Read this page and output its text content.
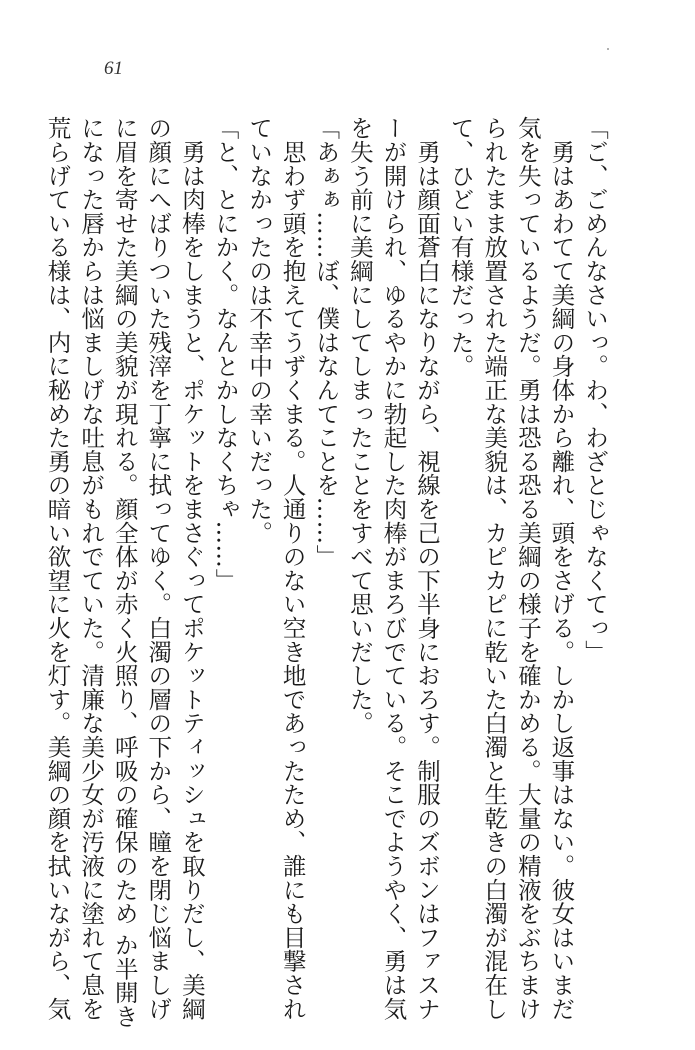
61
「ご、ごめんなさいっ。わ、わざとじゃなくてっ」
　勇はあわてて美綱の身体から離れ、頭をさげる。しかし返事はない。彼女はいまだ
気を失っているようだ。勇は恐る恐る美綱の様子を確かめる。大量の精液をぶちまけ
られたまま放置された端正な美貌は、カピカピに乾いた白濁と生乾きの白濁が混在し
て、ひどい有様だった。
　勇は顔面蒼白になりながら、視線を己の下半身におろす。制服のズボンはファスナ
ーが開けられ、ゆるやかに勃起した肉棒がまろびでている。そこでようやく、勇は気
を失う前に美綱にしてしまったことをすべて思いだした。
「あぁぁ……ぼ、僕はなんてことを……」
　思わず頭を抱えてうずくまる。人通りのない空き地であったため、誰にも目撃され
ていなかったのは不幸中の幸いだった。
「と、とにかく。なんとかしなくちゃ……」
　勇は肉棒をしまうと、ポケットをまさぐってポケットティッシュを取りだし、美綱
の顔にへばりついた残滓を丁寧に拭ってゆく。白濁の層の下から、瞳を閉じ悩ましげ
に眉を寄せた美綱の美貌が現れる。顔全体が赤く火照り、呼吸の確保のため か半開き
になった唇からは悩ましげな吐息がもれでていた。清廉な美少女が汚液に塗れて息を
荒らげている様は、内に秘めた勇の暗い欲望に火を灯す。美綱の顔を拭いながら、気
